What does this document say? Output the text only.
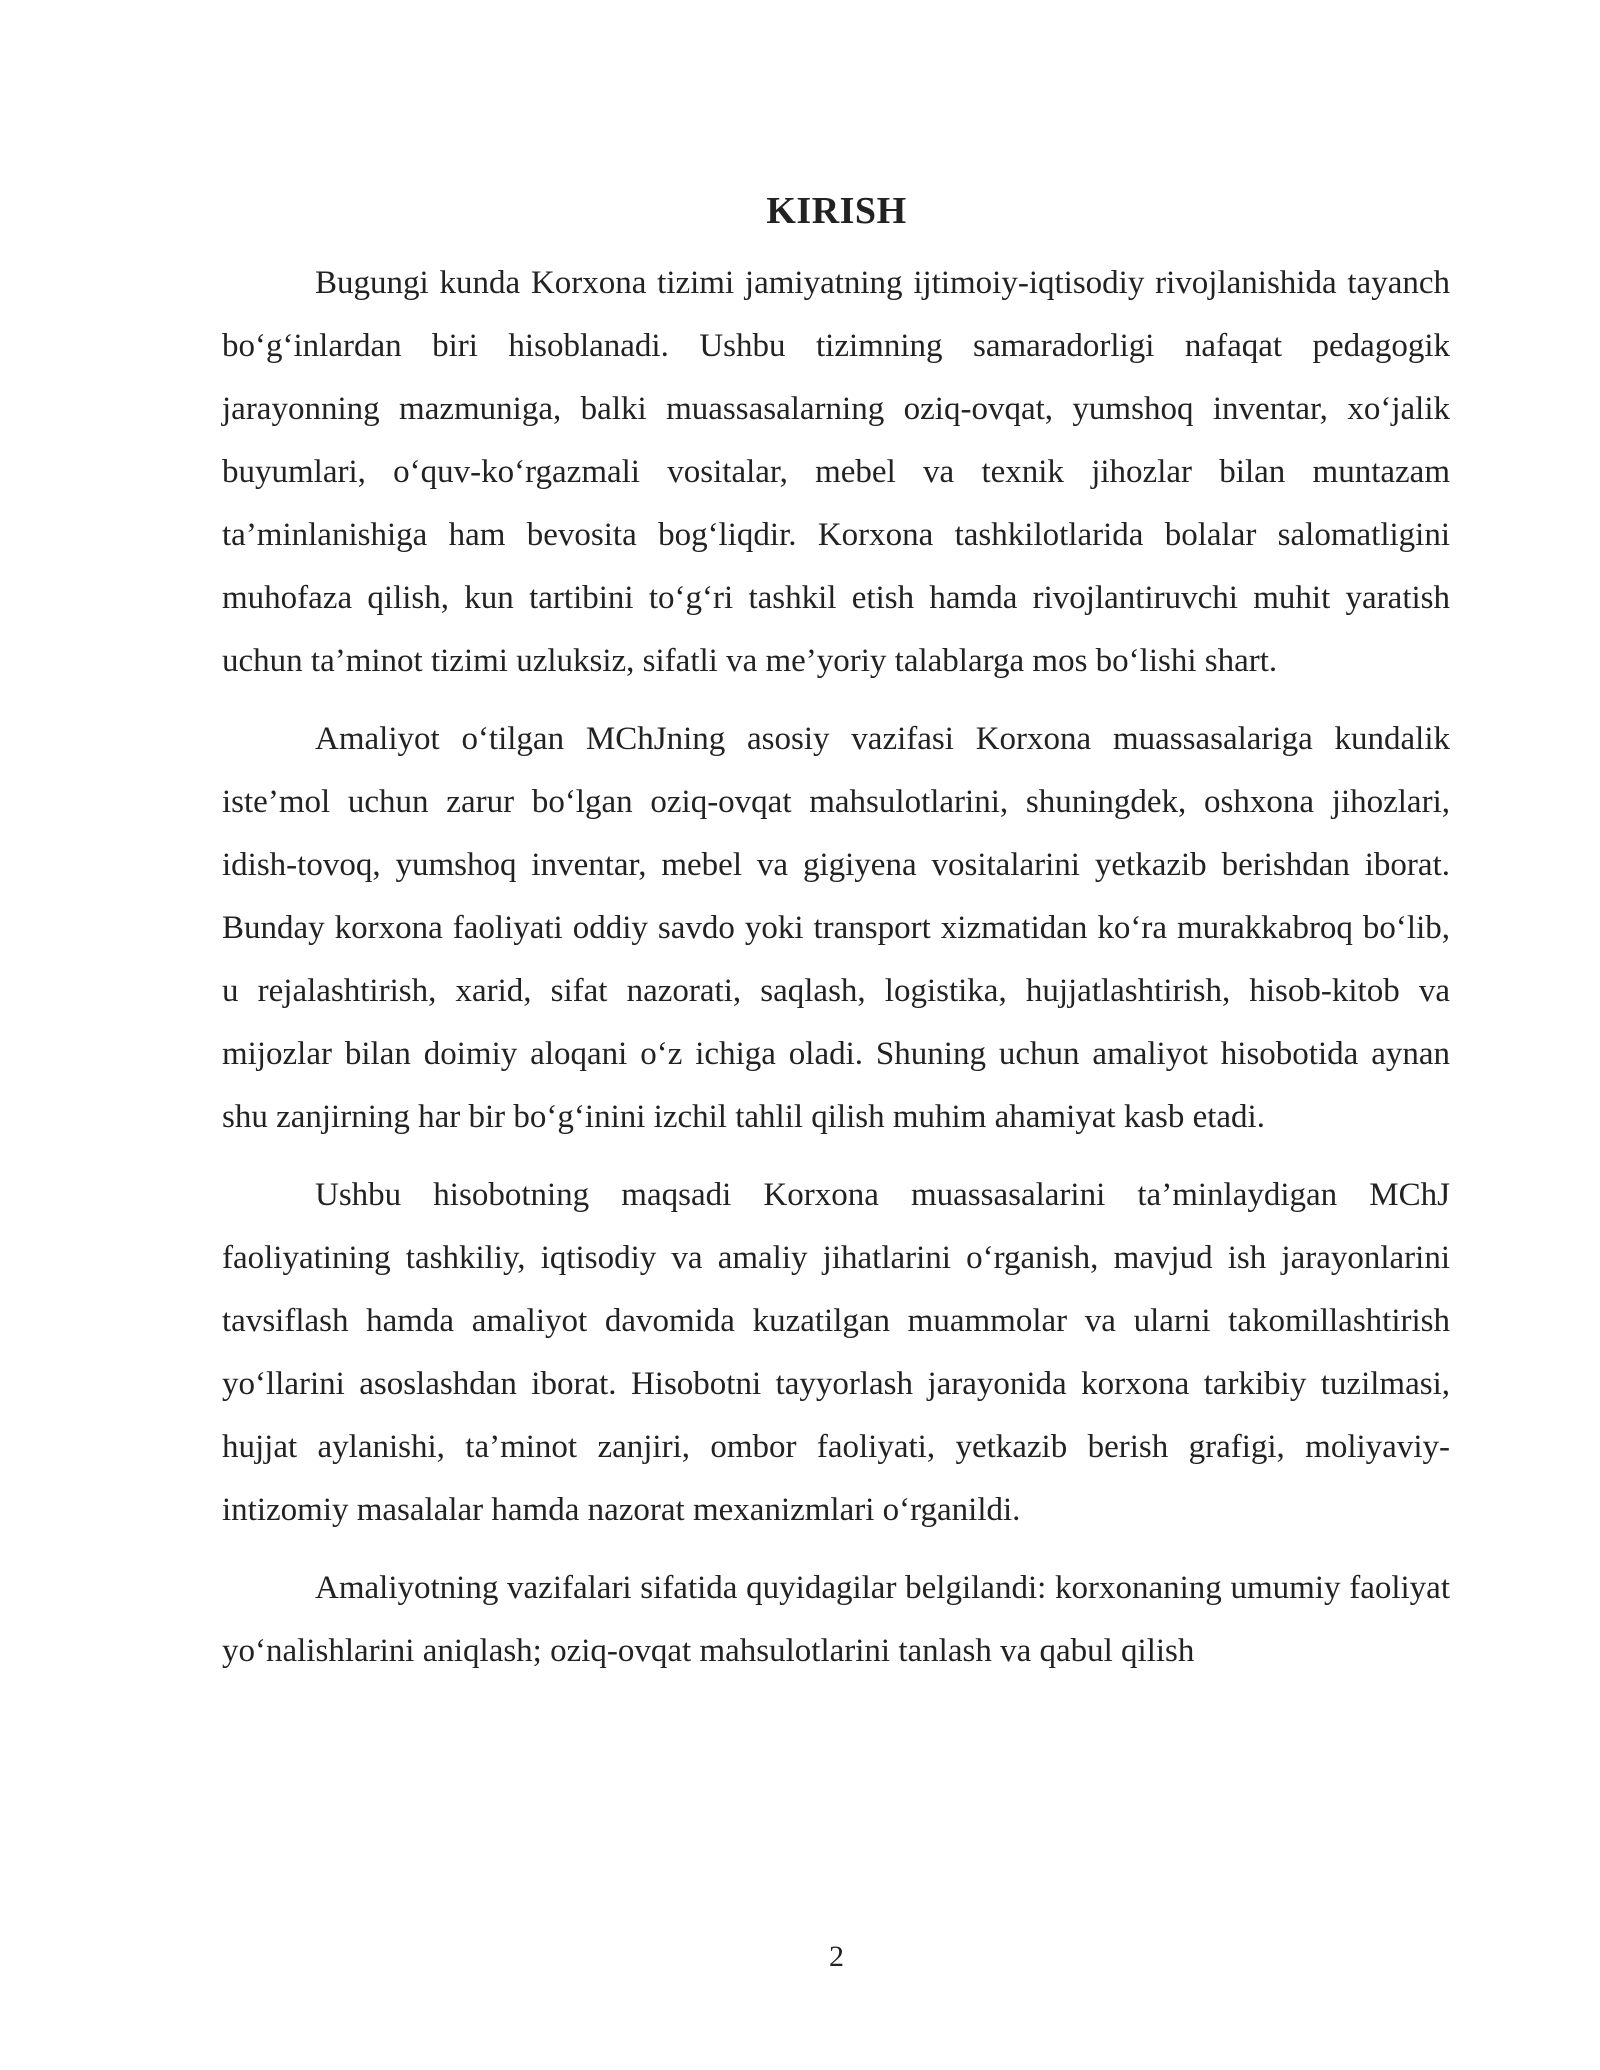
KIRISH

Bugungi kunda Korxona tizimi jamiyatning ijtimoiy-iqtisodiy rivojlanishida tayanch bo‘g‘inlardan biri hisoblanadi. Ushbu tizimning samaradorligi nafaqat pedagogik jarayonning mazmuniga, balki muassasalarning oziq-ovqat, yumshoq inventar, xo‘jalik buyumlari, o‘quv-ko‘rgazmali vositalar, mebel va texnik jihozlar bilan muntazam ta’minlanishiga ham bevosita bog‘liqdir. Korxona tashkilotlarida bolalar salomatligini muhofaza qilish, kun tartibini to‘g‘ri tashkil etish hamda rivojlantiruvchi muhit yaratish uchun ta’minot tizimi uzluksiz, sifatli va me’yoriy talablarga mos bo‘lishi shart.

Amaliyot o‘tilgan MChJning asosiy vazifasi Korxona muassasalariga kundalik iste’mol uchun zarur bo‘lgan oziq-ovqat mahsulotlarini, shuningdek, oshxona jihozlari, idish-tovoq, yumshoq inventar, mebel va gigiyena vositalarini yetkazib berishdan iborat. Bunday korxona faoliyati oddiy savdo yoki transport xizmatidan ko‘ra murakkabroq bo‘lib, u rejalashtirish, xarid, sifat nazorati, saqlash, logistika, hujjatlashtirish, hisob-kitob va mijozlar bilan doimiy aloqani o‘z ichiga oladi. Shuning uchun amaliyot hisobotida aynan shu zanjirning har bir bo‘g‘inini izchil tahlil qilish muhim ahamiyat kasb etadi.

Ushbu hisobotning maqsadi Korxona muassasalarini ta’minlaydigan MChJ faoliyatining tashkiliy, iqtisodiy va amaliy jihatlarini o‘rganish, mavjud ish jarayonlarini tavsiflash hamda amaliyot davomida kuzatilgan muammolar va ularni takomillashtirish yo‘llarini asoslashdan iborat. Hisobotni tayyorlash jarayonida korxona tarkibiy tuzilmasi, hujjat aylanishi, ta’minot zanjiri, ombor faoliyati, yetkazib berish grafigi, moliyaviy-intizomiy masalalar hamda nazorat mexanizmlari o‘rganildi.

Amaliyotning vazifalari sifatida quyidagilar belgilandi: korxonaning umumiy faoliyat yo‘nalishlarini aniqlash; oziq-ovqat mahsulotlarini tanlash va qabul qilish

2
